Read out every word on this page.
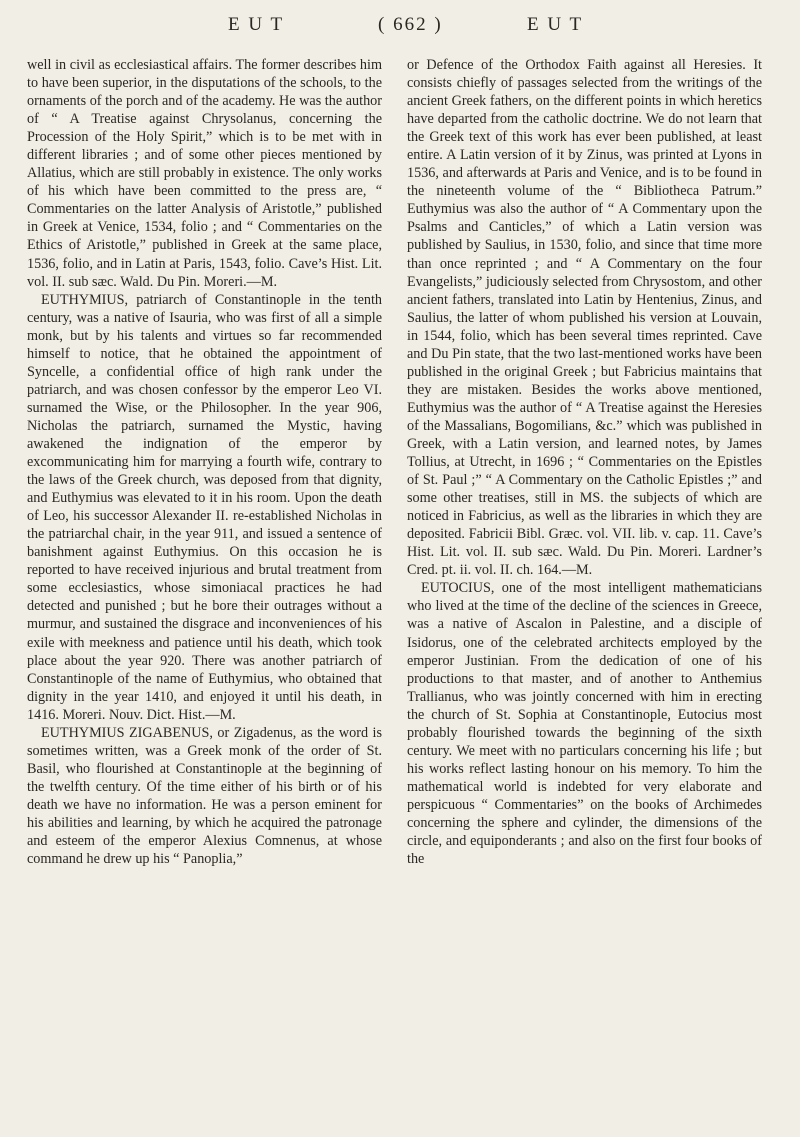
E U T	( 662 )	E U T

well in civil as ecclesiastical affairs. The former describes him to have been superior, in the disputations of the schools, to the ornaments of the porch and of the academy. He was the author of “ A Treatise against Chrysolanus, concerning the Procession of the Holy Spirit,” which is to be met with in different libraries ; and of some other pieces mentioned by Allatius, which are still probably in existence. The only works of his which have been committed to the press are, “ Commentaries on the latter Analysis of Aristotle,” published in Greek at Venice, 1534, folio ; and “ Commentaries on the Ethics of Aristotle,” published in Greek at the same place, 1536, folio, and in Latin at Paris, 1543, folio. Cave’s Hist. Lit. vol. II. sub sæc. Wald. Du Pin. Moreri.—M.

EUTHYMIUS, patriarch of Constantinople in the tenth century, was a native of Isauria, who was first of all a simple monk, but by his talents and virtues so far recommended himself to notice, that he obtained the appointment of Syncelle, a confidential office of high rank under the patriarch, and was chosen confessor by the emperor Leo VI. surnamed the Wise, or the Philosopher. In the year 906, Nicholas the patriarch, surnamed the Mystic, having awakened the indignation of the emperor by excommunicating him for marrying a fourth wife, contrary to the laws of the Greek church, was deposed from that dignity, and Euthymius was elevated to it in his room. Upon the death of Leo, his successor Alexander II. re-established Nicholas in the patriarchal chair, in the year 911, and issued a sentence of banishment against Euthymius. On this occasion he is reported to have received injurious and brutal treatment from some ecclesiastics, whose simoniacal practices he had detected and punished ; but he bore their outrages without a murmur, and sustained the disgrace and inconveniences of his exile with meekness and patience until his death, which took place about the year 920. There was another patriarch of Constantinople of the name of Euthymius, who obtained that dignity in the year 1410, and enjoyed it until his death, in 1416. Moreri. Nouv. Dict. Hist.—M.

EUTHYMIUS ZIGABENUS, or Zigadenus, as the word is sometimes written, was a Greek monk of the order of St. Basil, who flourished at Constantinople at the beginning of the twelfth century. Of the time either of his birth or of his death we have no information. He was a person eminent for his abilities and learning, by which he acquired the patronage and esteem of the emperor Alexius Comnenus, at whose command he drew up his “ Panoplia,”

or Defence of the Orthodox Faith against all Heresies. It consists chiefly of passages selected from the writings of the ancient Greek fathers, on the different points in which heretics have departed from the catholic doctrine. We do not learn that the Greek text of this work has ever been published, at least entire. A Latin version of it by Zinus, was printed at Lyons in 1536, and afterwards at Paris and Venice, and is to be found in the nineteenth volume of the “ Bibliotheca Patrum.” Euthymius was also the author of “ A Commentary upon the Psalms and Canticles,” of which a Latin version was published by Saulius, in 1530, folio, and since that time more than once reprinted ; and “ A Commentary on the four Evangelists,” judiciously selected from Chrysostom, and other ancient fathers, translated into Latin by Hentenius, Zinus, and Saulius, the latter of whom published his version at Louvain, in 1544, folio, which has been several times reprinted. Cave and Du Pin state, that the two last-mentioned works have been published in the original Greek ; but Fabricius maintains that they are mistaken. Besides the works above mentioned, Euthymius was the author of “ A Treatise against the Heresies of the Massalians, Bogomilians, &c.” which was published in Greek, with a Latin version, and learned notes, by James Tollius, at Utrecht, in 1696 ; “ Commentaries on the Epistles of St. Paul ;” “ A Commentary on the Catholic Epistles ;” and some other treatises, still in MS. the subjects of which are noticed in Fabricius, as well as the libraries in which they are deposited. Fabricii Bibl. Græc. vol. VII. lib. v. cap. 11. Cave’s Hist. Lit. vol. II. sub sæc. Wald. Du Pin. Moreri. Lardner’s Cred. pt. ii. vol. II. ch. 164.—M.

EUTOCIUS, one of the most intelligent mathematicians who lived at the time of the decline of the sciences in Greece, was a native of Ascalon in Palestine, and a disciple of Isidorus, one of the celebrated architects employed by the emperor Justinian. From the dedication of one of his productions to that master, and of another to Anthemius Trallianus, who was jointly concerned with him in erecting the church of St. Sophia at Constantinople, Eutocius most probably flourished towards the beginning of the sixth century. We meet with no particulars concerning his life ; but his works reflect lasting honour on his memory. To him the mathematical world is indebted for very elaborate and perspicuous “ Commentaries” on the books of Archimedes concerning the sphere and cylinder, the dimensions of the circle, and equiponderants ; and also on the first four books of the
